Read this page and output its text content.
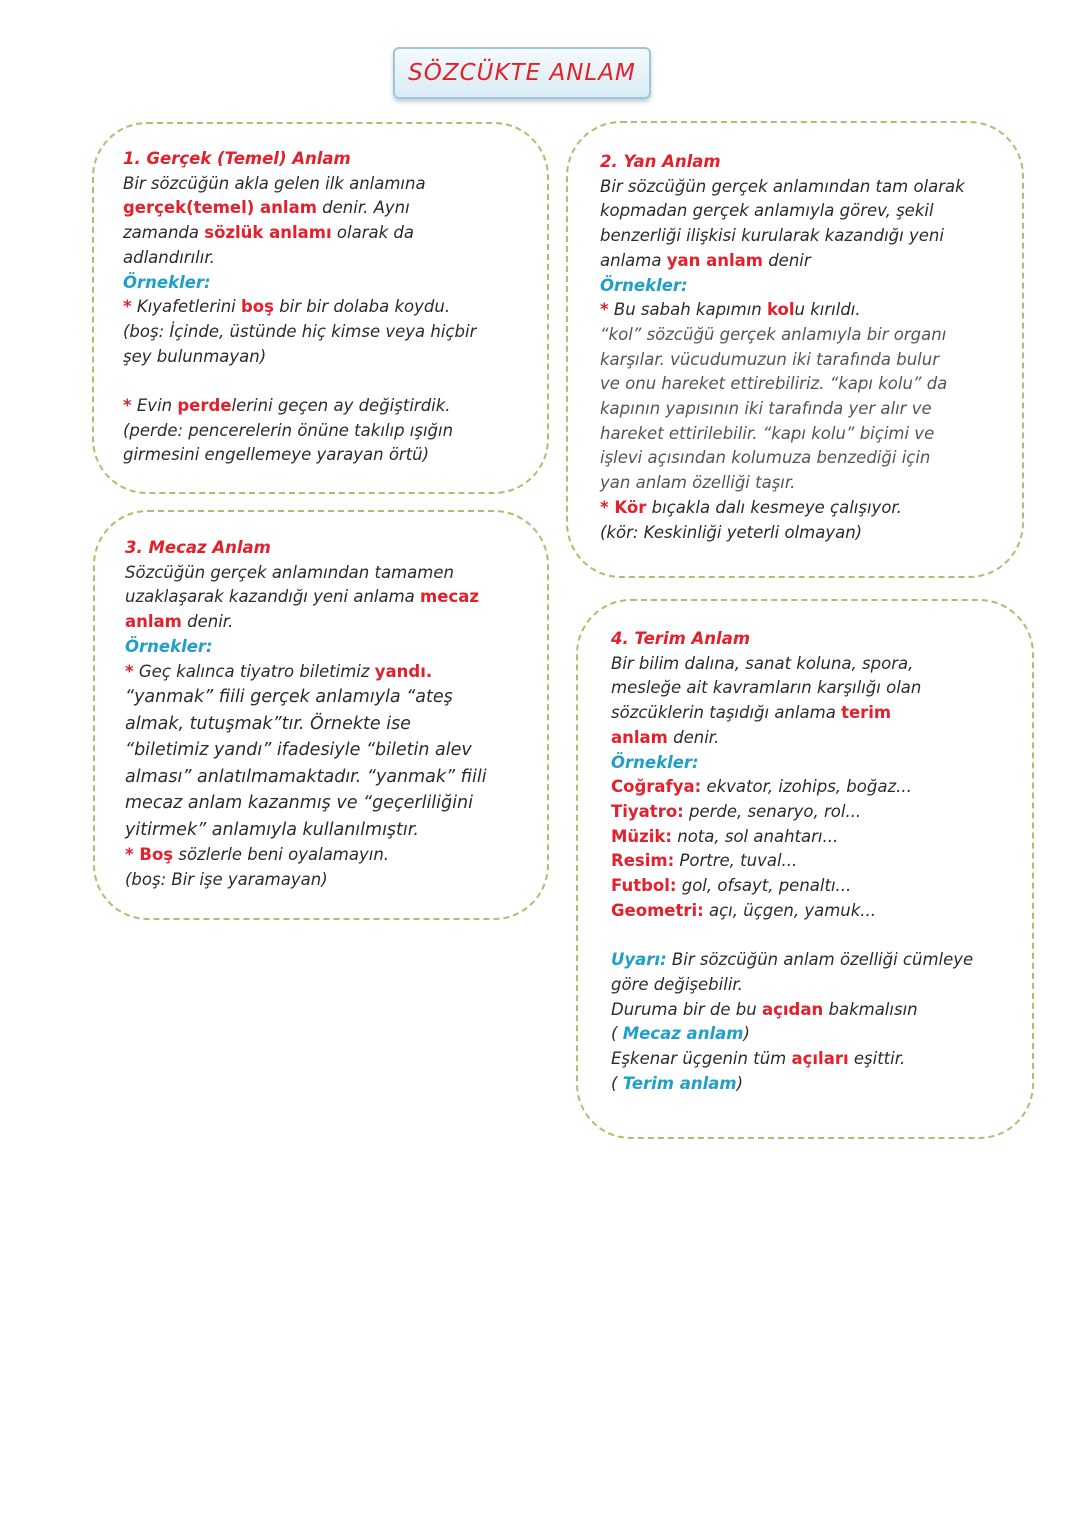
SÖZCÜKTE ANLAM

1. Gerçek (Temel) Anlam

Bir sözcüğün akla gelen ilk anlamına

gerçek(temel) anlam denir. Aynı

zamanda sözlük anlamı olarak da

adlandırılır.

Örnekler:

* Kıyafetlerini boş bir bir dolaba koydu.

(boş: İçinde, üstünde hiç kimse veya hiçbir

şey bulunmayan)

* Evin perdelerini geçen ay değiştirdik.

(perde: pencerelerin önüne takılıp ışığın

girmesini engellemeye yarayan örtü)

2. Yan Anlam

Bir sözcüğün gerçek anlamından tam olarak

kopmadan gerçek anlamıyla görev, şekil

benzerliği ilişkisi kurularak kazandığı yeni

anlama yan anlam denir

Örnekler:

* Bu sabah kapımın kolu kırıldı.

“kol” sözcüğü gerçek anlamıyla bir organı

karşılar. vücudumuzun iki tarafında bulur

ve onu hareket ettirebiliriz. “kapı kolu” da

kapının yapısının iki tarafında yer alır ve

hareket ettirilebilir. “kapı kolu” biçimi ve

işlevi açısından kolumuza benzediği için

yan anlam özelliği taşır.

* Kör bıçakla dalı kesmeye çalışıyor.

(kör: Keskinliği yeterli olmayan)

3. Mecaz Anlam

Sözcüğün gerçek anlamından tamamen

uzaklaşarak kazandığı yeni anlama mecaz

anlam denir.

Örnekler:

* Geç kalınca tiyatro biletimiz yandı.

“yanmak” fiili gerçek anlamıyla “ateş

almak, tutuşmak”tır. Örnekte ise

“biletimiz yandı” ifadesiyle “biletin alev

alması” anlatılmamaktadır. “yanmak” fiili

mecaz anlam kazanmış ve “geçerliliğini

yitirmek” anlamıyla kullanılmıştır.

* Boş sözlerle beni oyalamayın.

(boş: Bir işe yaramayan)

4. Terim Anlam

Bir bilim dalına, sanat koluna, spora,

mesleğe ait kavramların karşılığı olan

sözcüklerin taşıdığı anlama terim

anlam denir.

Örnekler:

Coğrafya: ekvator, izohips, boğaz...

Tiyatro: perde, senaryo, rol...

Müzik: nota, sol anahtarı...

Resim: Portre, tuval...

Futbol: gol, ofsayt, penaltı...

Geometri: açı, üçgen, yamuk...

Uyarı: Bir sözcüğün anlam özelliği cümleye

göre değişebilir.

Duruma bir de bu açıdan bakmalısın

( Mecaz anlam)

Eşkenar üçgenin tüm açıları eşittir.

( Terim anlam)
